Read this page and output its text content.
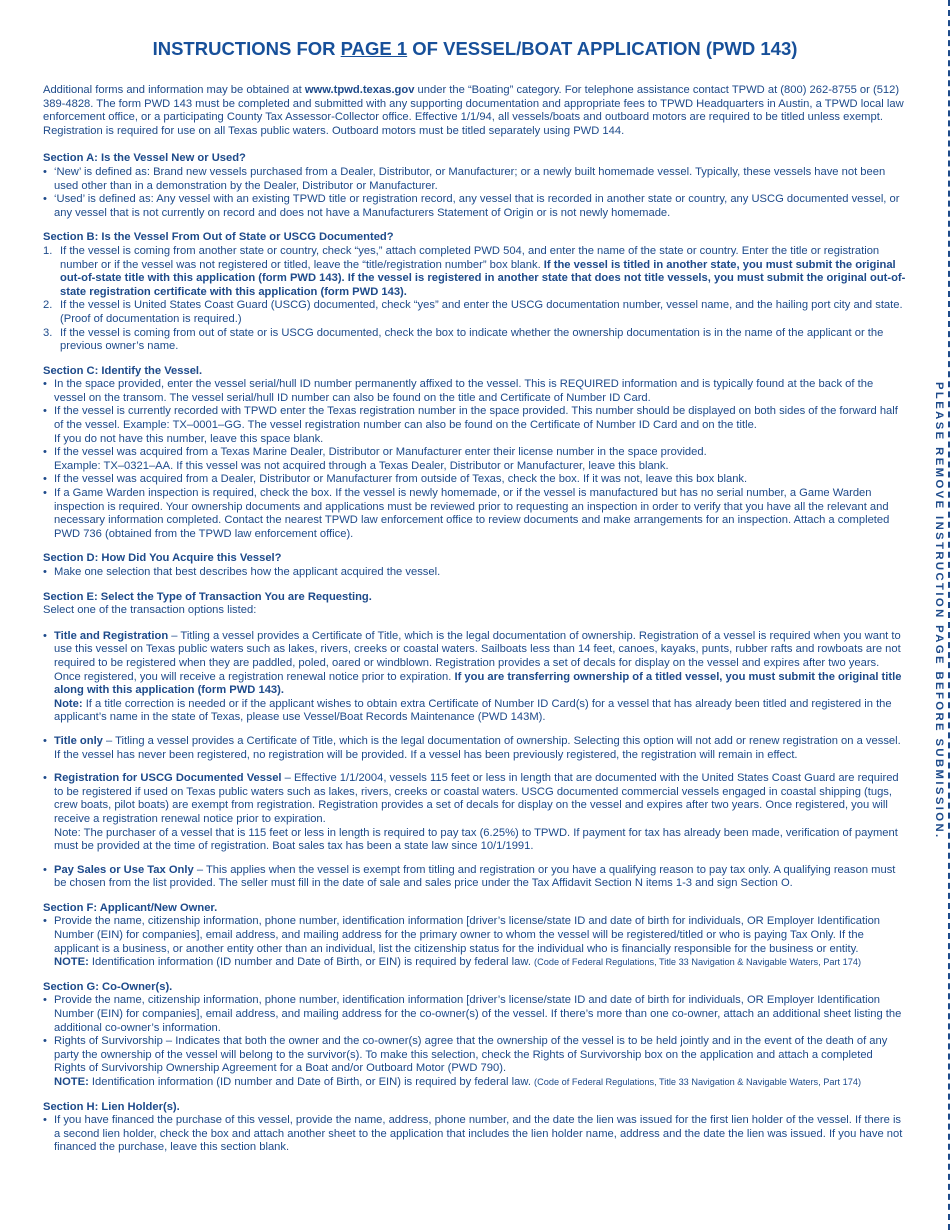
PLEASE REMOVE INSTRUCTION PAGE BEFORE SUBMISSION.
INSTRUCTIONS FOR PAGE 1 OF VESSEL/BOAT APPLICATION (PWD 143)

Additional forms and information may be obtained at www.tpwd.texas.gov under the “Boating” category. For telephone assistance contact TPWD at (800) 262-8755 or (512) 389-4828. The form PWD 143 must be completed and submitted with any supporting documentation and appropriate fees to TPWD Headquarters in Austin, a TPWD local law enforcement office, or a participating County Tax Assessor-Collector office. Effective 1/1/94, all vessels/boats and outboard motors are required to be titled unless exempt. Registration is required for use on all Texas public waters. Outboard motors must be titled separately using PWD 144.

Section A: Is the Vessel New or Used?

• ‘New’ is defined as: Brand new vessels purchased from a Dealer, Distributor, or Manufacturer; or a newly built homemade vessel. Typically, these vessels have not been used other than in a demonstration by the Dealer, Distributor or Manufacturer.
• ‘Used’ is defined as: Any vessel with an existing TPWD title or registration record, any vessel that is recorded in another state or country, any USCG documented vessel, or any vessel that is not currently on record and does not have a Manufacturers Statement of Origin or is not newly homemade.

Section B: Is the Vessel From Out of State or USCG Documented?

1. If the vessel is coming from another state or country, check “yes,” attach completed PWD 504, and enter the name of the state or country. Enter the title or registration number or if the vessel was not registered or titled, leave the “title/registration number” box blank. If the vessel is titled in another state, you must submit the original out-of-state title with this application (form PWD 143). If the vessel is registered in another state that does not title vessels, you must submit the original out-of-state registration certificate with this application (form PWD 143).
2. If the vessel is United States Coast Guard (USCG) documented, check “yes” and enter the USCG documentation number, vessel name, and the hailing port city and state. (Proof of documentation is required.)
3. If the vessel is coming from out of state or is USCG documented, check the box to indicate whether the ownership documentation is in the name of the applicant or the previous owner’s name.

Section C: Identify the Vessel.

• In the space provided, enter the vessel serial/hull ID number permanently affixed to the vessel. This is REQUIRED information and is typically found at the back of the vessel on the transom. The vessel serial/hull ID number can also be found on the title and Certificate of Number ID Card.
• If the vessel is currently recorded with TPWD enter the Texas registration number in the space provided. This number should be displayed on both sides of the forward half of the vessel. Example: TX–0001–GG. The vessel registration number can also be found on the Certificate of Number ID Card and on the title.
If you do not have this number, leave this space blank.
• If the vessel was acquired from a Texas Marine Dealer, Distributor or Manufacturer enter their license number in the space provided.
Example: TX–0321–AA. If this vessel was not acquired through a Texas Dealer, Distributor or Manufacturer, leave this blank.
• If the vessel was acquired from a Dealer, Distributor or Manufacturer from outside of Texas, check the box. If it was not, leave this box blank.
• If a Game Warden inspection is required, check the box. If the vessel is newly homemade, or if the vessel is manufactured but has no serial number, a Game Warden inspection is required. Your ownership documents and applications must be reviewed prior to requesting an inspection in order to verify that you have all the relevant and necessary information completed. Contact the nearest TPWD law enforcement office to review documents and make arrangements for an inspection. Attach a completed PWD 736 (obtained from the TPWD law enforcement office).

Section D: How Did You Acquire this Vessel?

• Make one selection that best describes how the applicant acquired the vessel.

Section E: Select the Type of Transaction You are Requesting.

Select one of the transaction options listed:

• Title and Registration – Titling a vessel provides a Certificate of Title, which is the legal documentation of ownership. Registration of a vessel is required when you want to use this vessel on Texas public waters such as lakes, rivers, creeks or coastal waters. Sailboats less than 14 feet, canoes, kayaks, punts, rubber rafts and rowboats are not required to be registered when they are paddled, poled, oared or windblown. Registration provides a set of decals for display on the vessel and expires after two years. Once registered, you will receive a registration renewal notice prior to expiration. If you are transferring ownership of a titled vessel, you must submit the original title along with this application (form PWD 143).
Note: If a title correction is needed or if the applicant wishes to obtain extra Certificate of Number ID Card(s) for a vessel that has already been titled and registered in the applicant’s name in the state of Texas, please use Vessel/Boat Records Maintenance (PWD 143M).
• Title only – Titling a vessel provides a Certificate of Title, which is the legal documentation of ownership. Selecting this option will not add or renew registration on a vessel. If the vessel has never been registered, no registration will be provided. If a vessel has been previously registered, the registration will remain in effect.
• Registration for USCG Documented Vessel – Effective 1/1/2004, vessels 115 feet or less in length that are documented with the United States Coast Guard are required to be registered if used on Texas public waters such as lakes, rivers, creeks or coastal waters. USCG documented commercial vessels engaged in coastal shipping (tugs, crew boats, pilot boats) are exempt from registration. Registration provides a set of decals for display on the vessel and expires after two years. Once registered, you will receive a registration renewal notice prior to expiration.
Note: The purchaser of a vessel that is 115 feet or less in length is required to pay tax (6.25%) to TPWD. If payment for tax has already been made, verification of payment must be provided at the time of registration. Boat sales tax has been a state law since 10/1/1991.
• Pay Sales or Use Tax Only – This applies when the vessel is exempt from titling and registration or you have a qualifying reason to pay tax only. A qualifying reason must be chosen from the list provided. The seller must fill in the date of sale and sales price under the Tax Affidavit Section N items 1-3 and sign Section O.

Section F: Applicant/New Owner.

• Provide the name, citizenship information, phone number, identification information [driver’s license/state ID and date of birth for individuals, OR Employer Identification Number (EIN) for companies], email address, and mailing address for the primary owner to whom the vessel will be registered/titled or who is paying Tax Only. If the applicant is a business, or another entity other than an individual, list the citizenship status for the individual who is financially responsible for the business or entity.
NOTE: Identification information (ID number and Date of Birth, or EIN) is required by federal law. (Code of Federal Regulations, Title 33 Navigation & Navigable Waters, Part 174)

Section G: Co-Owner(s).

• Provide the name, citizenship information, phone number, identification information [driver’s license/state ID and date of birth for individuals, OR Employer Identification Number (EIN) for companies], email address, and mailing address for the co-owner(s) of the vessel. If there’s more than one co-owner, attach an additional sheet listing the additional co-owner’s information.
• Rights of Survivorship – Indicates that both the owner and the co-owner(s) agree that the ownership of the vessel is to be held jointly and in the event of the death of any party the ownership of the vessel will belong to the survivor(s). To make this selection, check the Rights of Survivorship box on the application and attach a completed Rights of Survivorship Ownership Agreement for a Boat and/or Outboard Motor (PWD 790).
NOTE: Identification information (ID number and Date of Birth, or EIN) is required by federal law. (Code of Federal Regulations, Title 33 Navigation & Navigable Waters, Part 174)

Section H: Lien Holder(s).

• If you have financed the purchase of this vessel, provide the name, address, phone number, and the date the lien was issued for the first lien holder of the vessel. If there is a second lien holder, check the box and attach another sheet to the application that includes the lien holder name, address and the date the lien was issued. If you have not financed the purchase, leave this section blank.
